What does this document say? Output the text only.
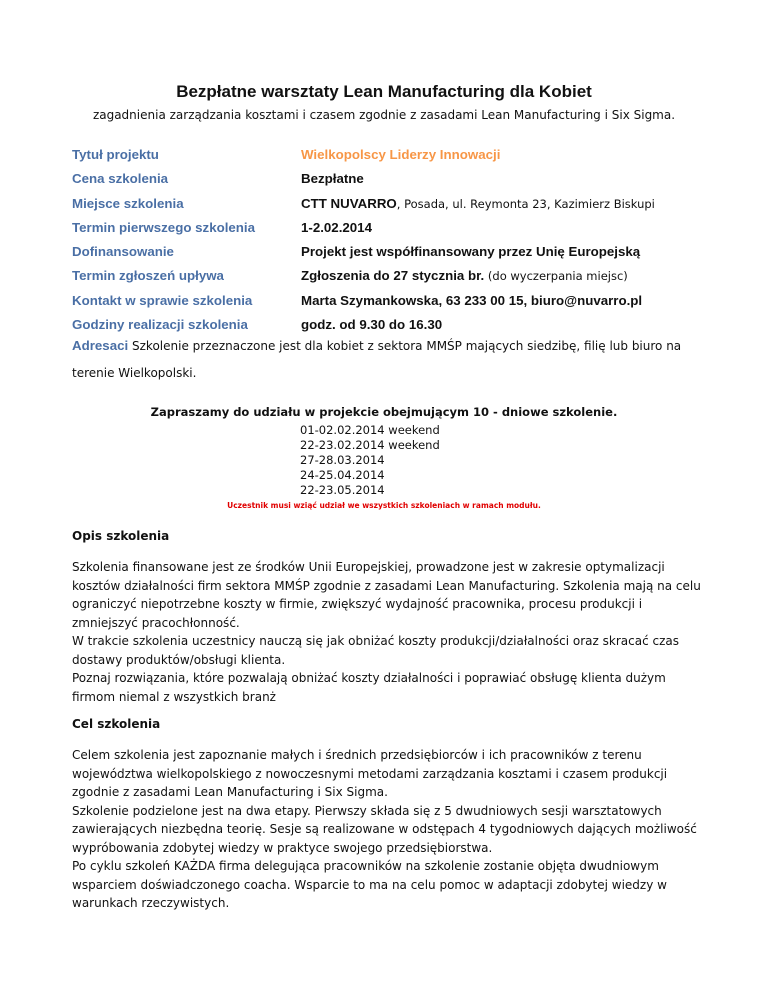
Bezpłatne warsztaty Lean Manufacturing dla Kobiet
zagadnienia zarządzania kosztami i czasem zgodnie z zasadami Lean Manufacturing i Six Sigma.
Tytuł projektu	Wielkopolscy Liderzy Innowacji
Cena szkolenia	Bezpłatne
Miejsce szkolenia	CTT NUVARRO, Posada, ul. Reymonta 23, Kazimierz Biskupi
Termin pierwszego szkolenia	1-2.02.2014
Dofinansowanie	Projekt jest współfinansowany przez Unię Europejską
Termin zgłoszeń upływa	Zgłoszenia do 27 stycznia br. (do wyczerpania miejsc)
Kontakt w sprawie szkolenia	Marta Szymankowska, 63 233 00 15, biuro@nuvarro.pl
Godziny realizacji szkolenia	godz. od 9.30 do 16.30
Adresaci Szkolenie przeznaczone jest dla kobiet z sektora MMŚP mających siedzibę, filię lub biuro na terenie Wielkopolski.
Zapraszamy do udziału w projekcie obejmującym 10 - dniowe szkolenie.
01-02.02.2014 weekend
22-23.02.2014 weekend
27-28.03.2014
24-25.04.2014
22-23.05.2014
Uczestnik musi wziąć udział we wszystkich szkoleniach w ramach modułu.
Opis szkolenia

Szkolenia finansowane jest ze środków Unii Europejskiej, prowadzone jest w zakresie optymalizacji kosztów działalności firm sektora MMŚP zgodnie z zasadami Lean Manufacturing. Szkolenia mają na celu ograniczyć niepotrzebne koszty w firmie, zwiększyć wydajność pracownika, procesu produkcji i zmniejszyć pracochłonność.

W trakcie szkolenia uczestnicy nauczą się jak obniżać koszty produkcji/działalności oraz skracać czas dostawy produktów/obsługi klienta.

Poznaj rozwiązania, które pozwalają obniżać koszty działalności i poprawiać obsługę klienta dużym firmom niemal z wszystkich branż

Cel szkolenia

Celem szkolenia jest zapoznanie małych i średnich przedsiębiorców i ich pracowników z terenu województwa wielkopolskiego z nowoczesnymi metodami zarządzania kosztami i czasem produkcji zgodnie z zasadami Lean Manufacturing i Six Sigma.

Szkolenie podzielone jest na dwa etapy. Pierwszy składa się z 5 dwudniowych sesji warsztatowych zawierających niezbędna teorię. Sesje są realizowane w odstępach 4 tygodniowych dających możliwość wypróbowania zdobytej wiedzy w praktyce swojego przedsiębiorstwa.

Po cyklu szkoleń KAŻDA firma delegująca pracowników na szkolenie zostanie objęta dwudniowym wsparciem doświadczonego coacha. Wsparcie to ma na celu pomoc w adaptacji zdobytej wiedzy w warunkach rzeczywistych.
